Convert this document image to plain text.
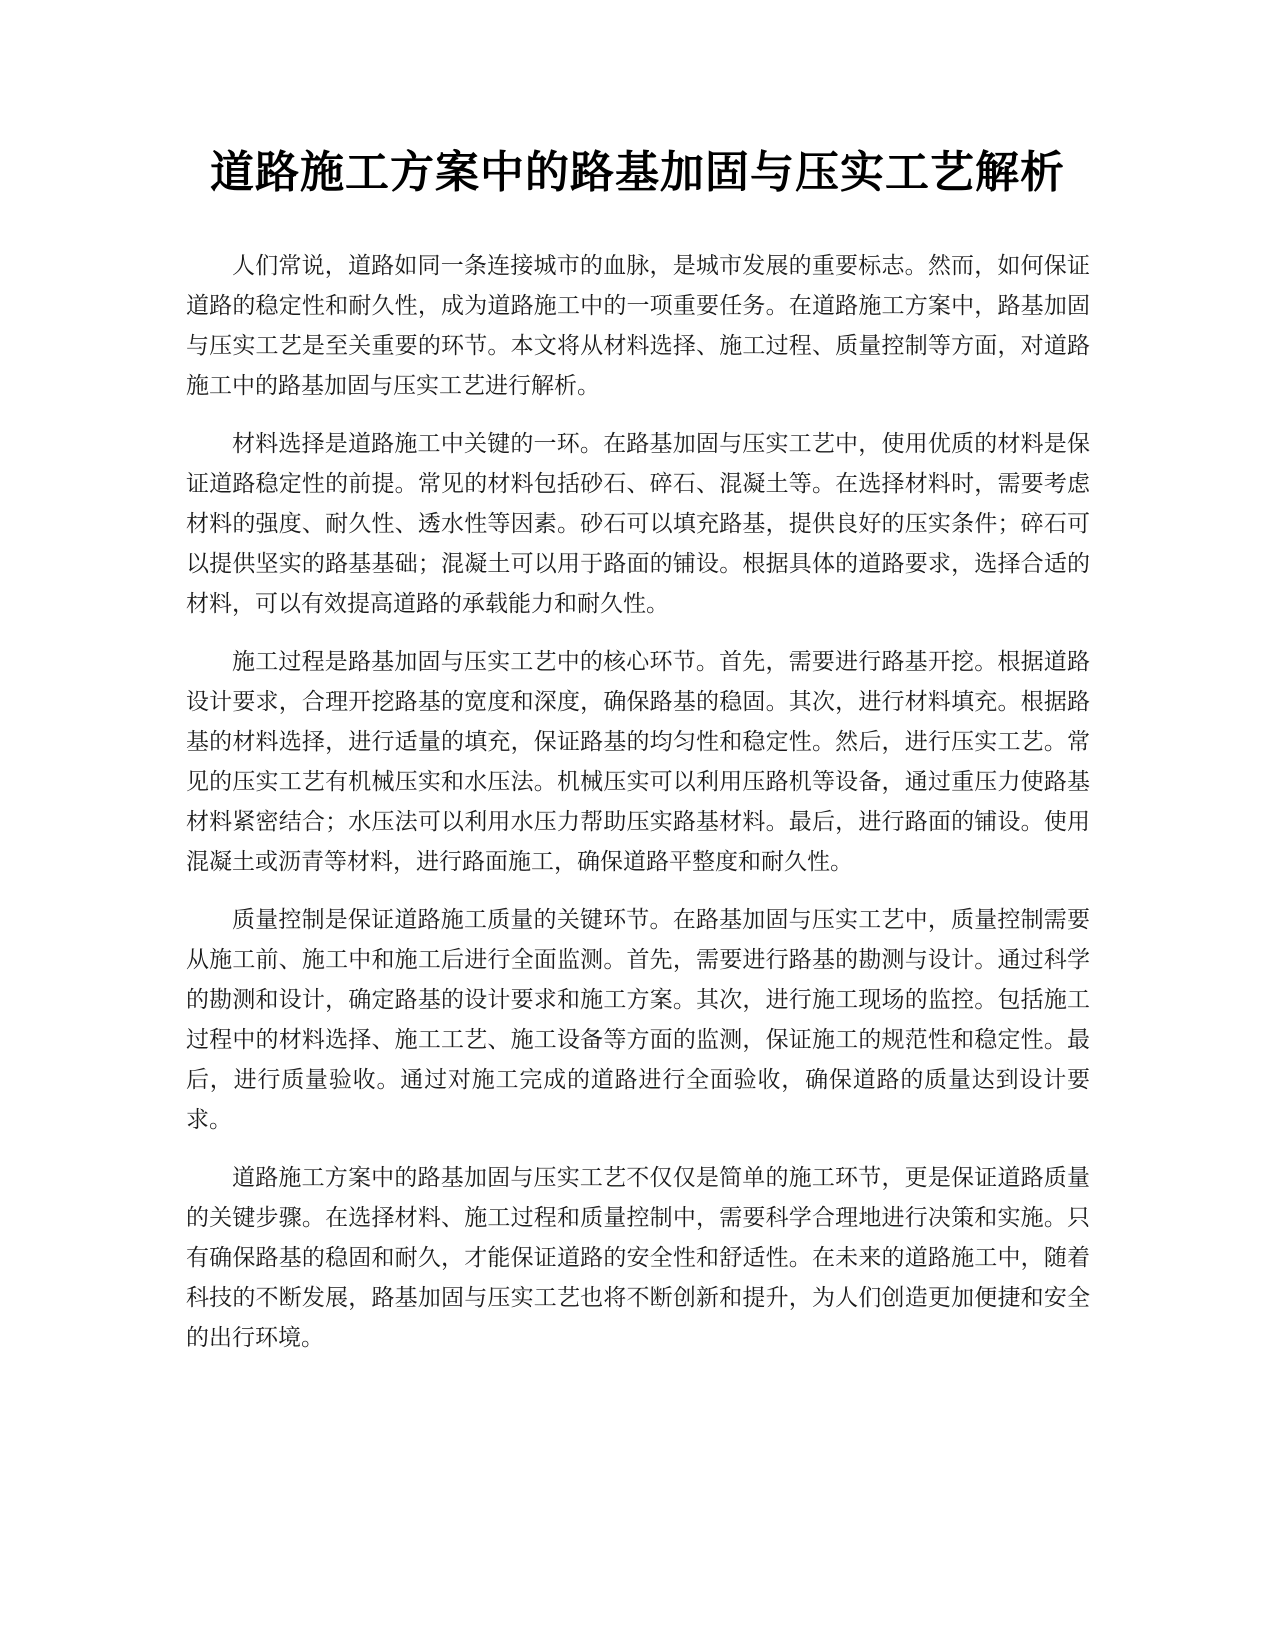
道路施工方案中的路基加固与压实工艺解析

人们常说，道路如同一条连接城市的血脉，是城市发展的重要标志。然而，如何保证道路的稳定性和耐久性，成为道路施工中的一项重要任务。在道路施工方案中，路基加固与压实工艺是至关重要的环节。本文将从材料选择、施工过程、质量控制等方面，对道路施工中的路基加固与压实工艺进行解析。

材料选择是道路施工中关键的一环。在路基加固与压实工艺中，使用优质的材料是保证道路稳定性的前提。常见的材料包括砂石、碎石、混凝土等。在选择材料时，需要考虑材料的强度、耐久性、透水性等因素。砂石可以填充路基，提供良好的压实条件；碎石可以提供坚实的路基基础；混凝土可以用于路面的铺设。根据具体的道路要求，选择合适的材料，可以有效提高道路的承载能力和耐久性。

施工过程是路基加固与压实工艺中的核心环节。首先，需要进行路基开挖。根据道路设计要求，合理开挖路基的宽度和深度，确保路基的稳固。其次，进行材料填充。根据路基的材料选择，进行适量的填充，保证路基的均匀性和稳定性。然后，进行压实工艺。常见的压实工艺有机械压实和水压法。机械压实可以利用压路机等设备，通过重压力使路基材料紧密结合；水压法可以利用水压力帮助压实路基材料。最后，进行路面的铺设。使用混凝土或沥青等材料，进行路面施工，确保道路平整度和耐久性。

质量控制是保证道路施工质量的关键环节。在路基加固与压实工艺中，质量控制需要从施工前、施工中和施工后进行全面监测。首先，需要进行路基的勘测与设计。通过科学的勘测和设计，确定路基的设计要求和施工方案。其次，进行施工现场的监控。包括施工过程中的材料选择、施工工艺、施工设备等方面的监测，保证施工的规范性和稳定性。最后，进行质量验收。通过对施工完成的道路进行全面验收，确保道路的质量达到设计要求。

道路施工方案中的路基加固与压实工艺不仅仅是简单的施工环节，更是保证道路质量的关键步骤。在选择材料、施工过程和质量控制中，需要科学合理地进行决策和实施。只有确保路基的稳固和耐久，才能保证道路的安全性和舒适性。在未来的道路施工中，随着科技的不断发展，路基加固与压实工艺也将不断创新和提升，为人们创造更加便捷和安全的出行环境。
